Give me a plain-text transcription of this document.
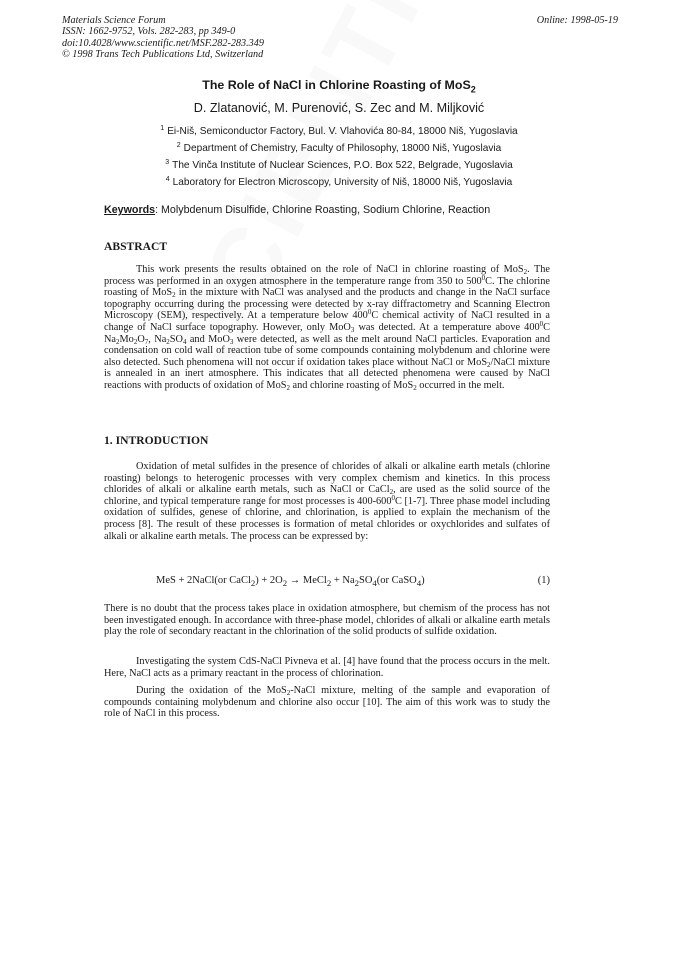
Materials Science Forum
ISSN: 1662-9752, Vols. 282-283, pp 349-0
doi:10.4028/www.scientific.net/MSF.282-283.349
© 1998 Trans Tech Publications Ltd, Switzerland
Online: 1998-05-19
The Role of NaCl in Chlorine Roasting of MoS$_2$
D. Zlatanović, M. Purenović, S. Zec and M. Miljković
$^1$ Ei-Niš, Semiconductor Factory, Bul. V. Vlahovića 80-84, 18000 Niš, Yugoslavia
$^2$ Department of Chemistry, Faculty of Philosophy, 18000 Niš, Yugoslavia
$^3$ The Vinča Institute of Nuclear Sciences, P.O. Box 522, Belgrade, Yugoslavia
$^4$ Laboratory for Electron Microscopy, University of Niš, 18000 Niš, Yugoslavia
Keywords: Molybdenum Disulfide, Chlorine Roasting, Sodium Chlorine, Reaction
ABSTRACT

This work presents the results obtained on the role of NaCl in chlorine roasting of MoS$_2$. The process was performed in an oxygen atmosphere in the temperature range from 350 to $500^0C$. The chlorine roasting of MoS$_2$ in the mixture with NaCl was analysed and the products and change in the NaCl surface topography occurring during the processing were detected by x-ray diffractometry and Scanning Electron Microscopy (SEM), respectively. At a temperature below $400^0C$ chemical activity of NaCl resulted in a change of NaCl surface topography. However, only MoO$_3$ was detected. At a temperature above $400^0C$ $Na_2Mo_2O_7$, $Na_2SO_4$ and MoO$_3$ were detected, as well as the melt around NaCl particles. Evaporation and condensation on cold wall of reaction tube of some compounds containing molybdenum and chlorine were also detected. Such phenomena will not occur if oxidation takes place without NaCl or MoS$_2$/NaCl mixture is annealed in an inert atmosphere. This indicates that all detected phenomena were caused by NaCl reactions with products of oxidation of MoS$_2$ and chlorine roasting of MoS$_2$ occurred in the melt.

1. INTRODUCTION

Oxidation of metal sulfides in the presence of chlorides of alkali or alkaline earth metals (chlorine roasting) belongs to heterogenic processes with very complex chemism and kinetics. In this process chlorides of alkali or alkaline earth metals, such as NaCl or CaCl$_2$, are used as the solid source of the chlorine, and typical temperature range for most processes is $400-600^0C$ [1-7]. Three phase model including oxidation of sulfides, genese of chlorine, and chlorination, is applied to explain the mechanism of the process [8]. The result of these processes is formation of metal chlorides or oxychlorides and sulfates of alkali or alkaline earth metals. The process can be expressed by:

MeS + 2NaCl(or CaCl$_2$) + $2O_2$ → MeCl$_2$ + $Na_2SO_4(or$ CaSO$_4$)	(1)

There is no doubt that the process takes place in oxidation atmosphere, but chemism of the process has not been investigated enough. In accordance with three-phase model, chlorides of alkali or alkaline earth metals play the role of secondary reactant in the chlorination of the solid products of sulfide oxidation.

Investigating the system CdS-NaCl Pivneva et al. [4] have found that the process occurs in the melt. Here, NaCl acts as a primary reactant in the process of chlorination.

During the oxidation of the MoS$_2$-NaCl mixture, melting of the sample and evaporation of compounds containing molybdenum and chlorine also occur [10]. The aim of this work was to study the role of NaCl in this process.
